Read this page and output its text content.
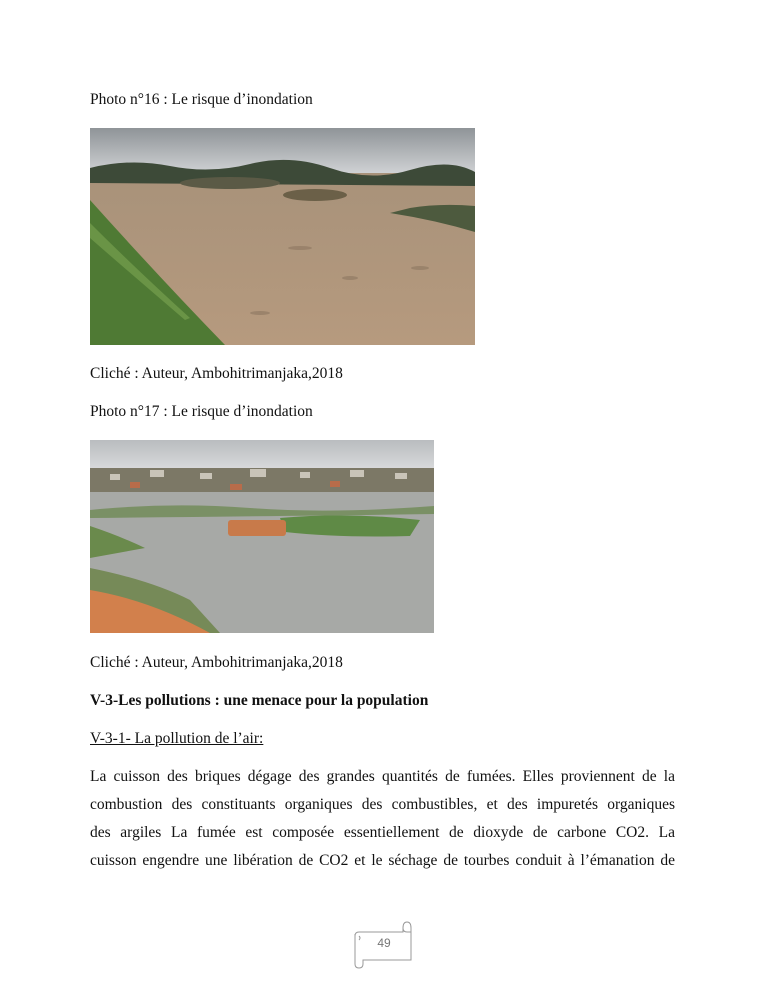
Photo n°16 : Le risque d’inondation
Cliché : Auteur, Ambohitrimanjaka,2018
Photo n°17 : Le risque d’inondation
Cliché : Auteur, Ambohitrimanjaka,2018
V-3-Les pollutions : une menace pour la population
V-3-1- La pollution de l’air:
La cuisson des briques dégage des grandes quantités de fumées. Elles proviennent de la
combustion des constituants organiques des combustibles, et des impuretés organiques
des argiles La fumée est composée essentiellement de dioxyde de carbone CO2. La
cuisson engendre une libération de CO2 et le séchage de tourbes conduit à l’émanation de
49
